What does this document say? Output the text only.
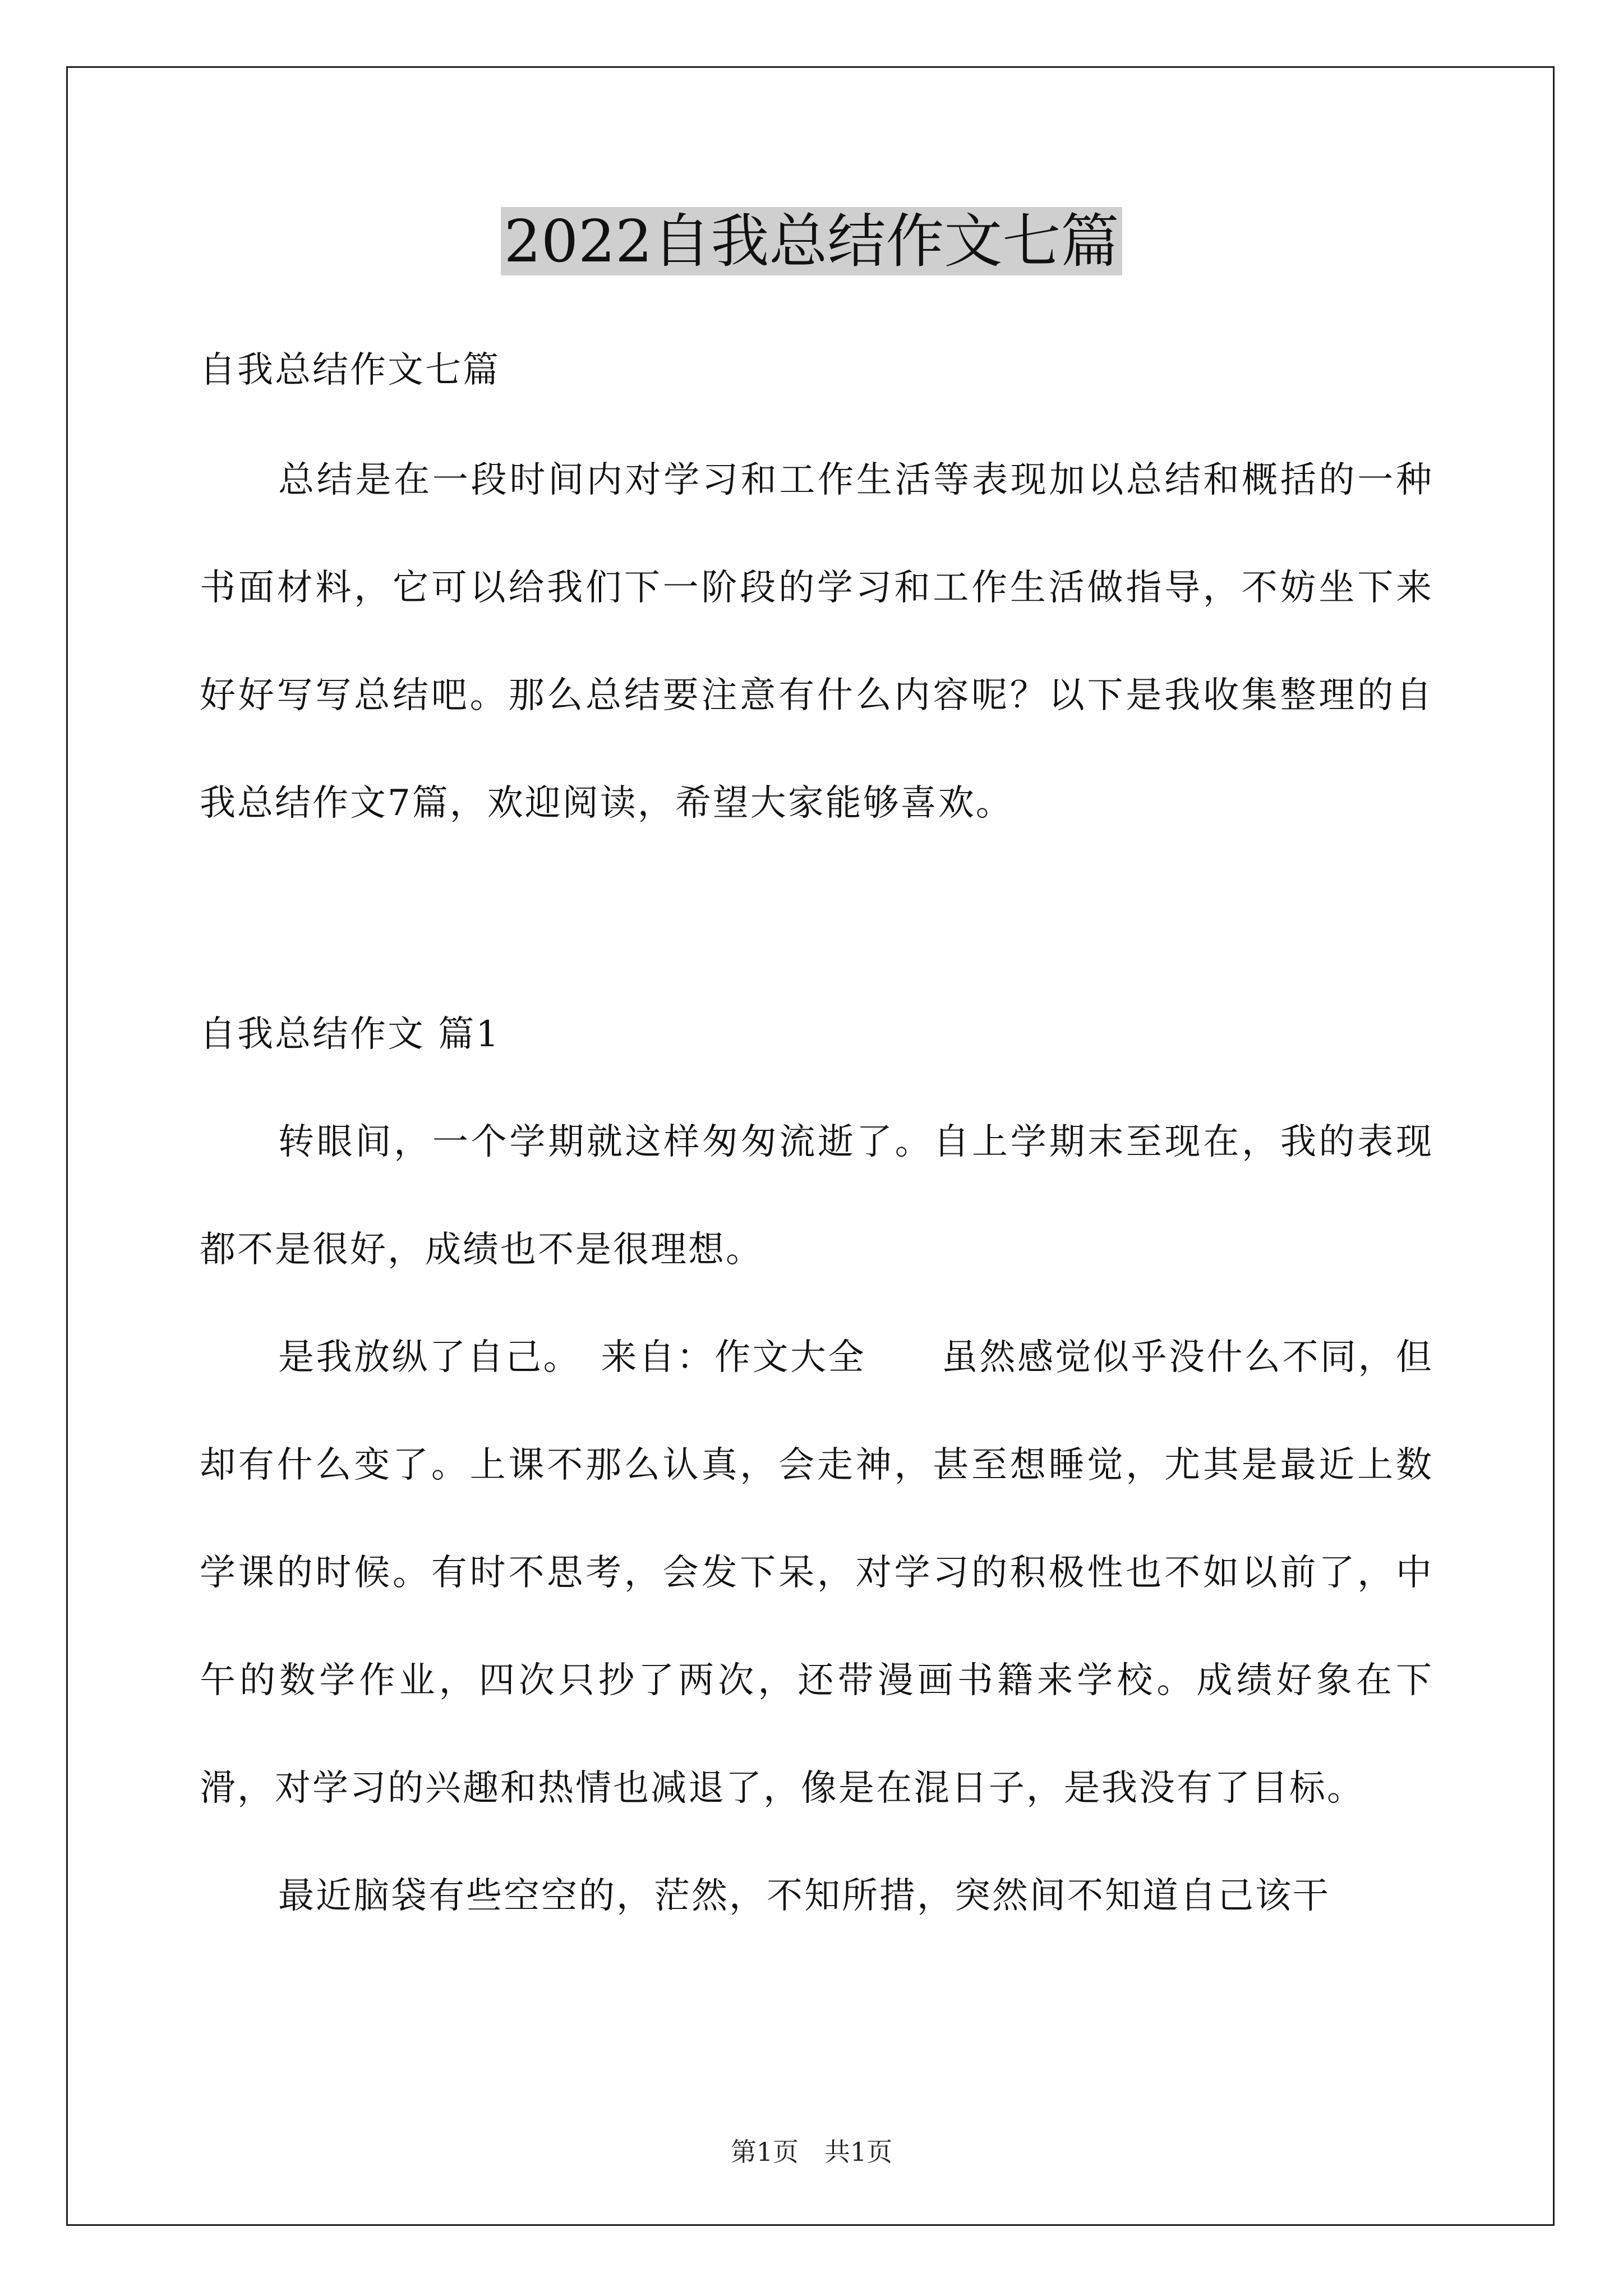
2022自我总结作文七篇

自我总结作文七篇

总结是在一段时间内对学习和工作生活等表现加以总结和概括的一种书面材料，它可以给我们下一阶段的学习和工作生活做指导，不妨坐下来好好写写总结吧。那么总结要注意有什么内容呢？以下是我收集整理的自我总结作文7篇，欢迎阅读，希望大家能够喜欢。

自我总结作文 篇1

转眼间，一个学期就这样匆匆流逝了。自上学期末至现在，我的表现都不是很好，成绩也不是很理想。

是我放纵了自己。　来自：作文大全　　虽然感觉似乎没什么不同，但却有什么变了。上课不那么认真，会走神，甚至想睡觉，尤其是最近上数学课的时候。有时不思考，会发下呆，对学习的积极性也不如以前了，中午的数学作业，四次只抄了两次，还带漫画书籍来学校。成绩好象在下滑，对学习的兴趣和热情也减退了，像是在混日子，是我没有了目标。

最近脑袋有些空空的，茫然，不知所措，突然间不知道自己该干

第1页　共1页
